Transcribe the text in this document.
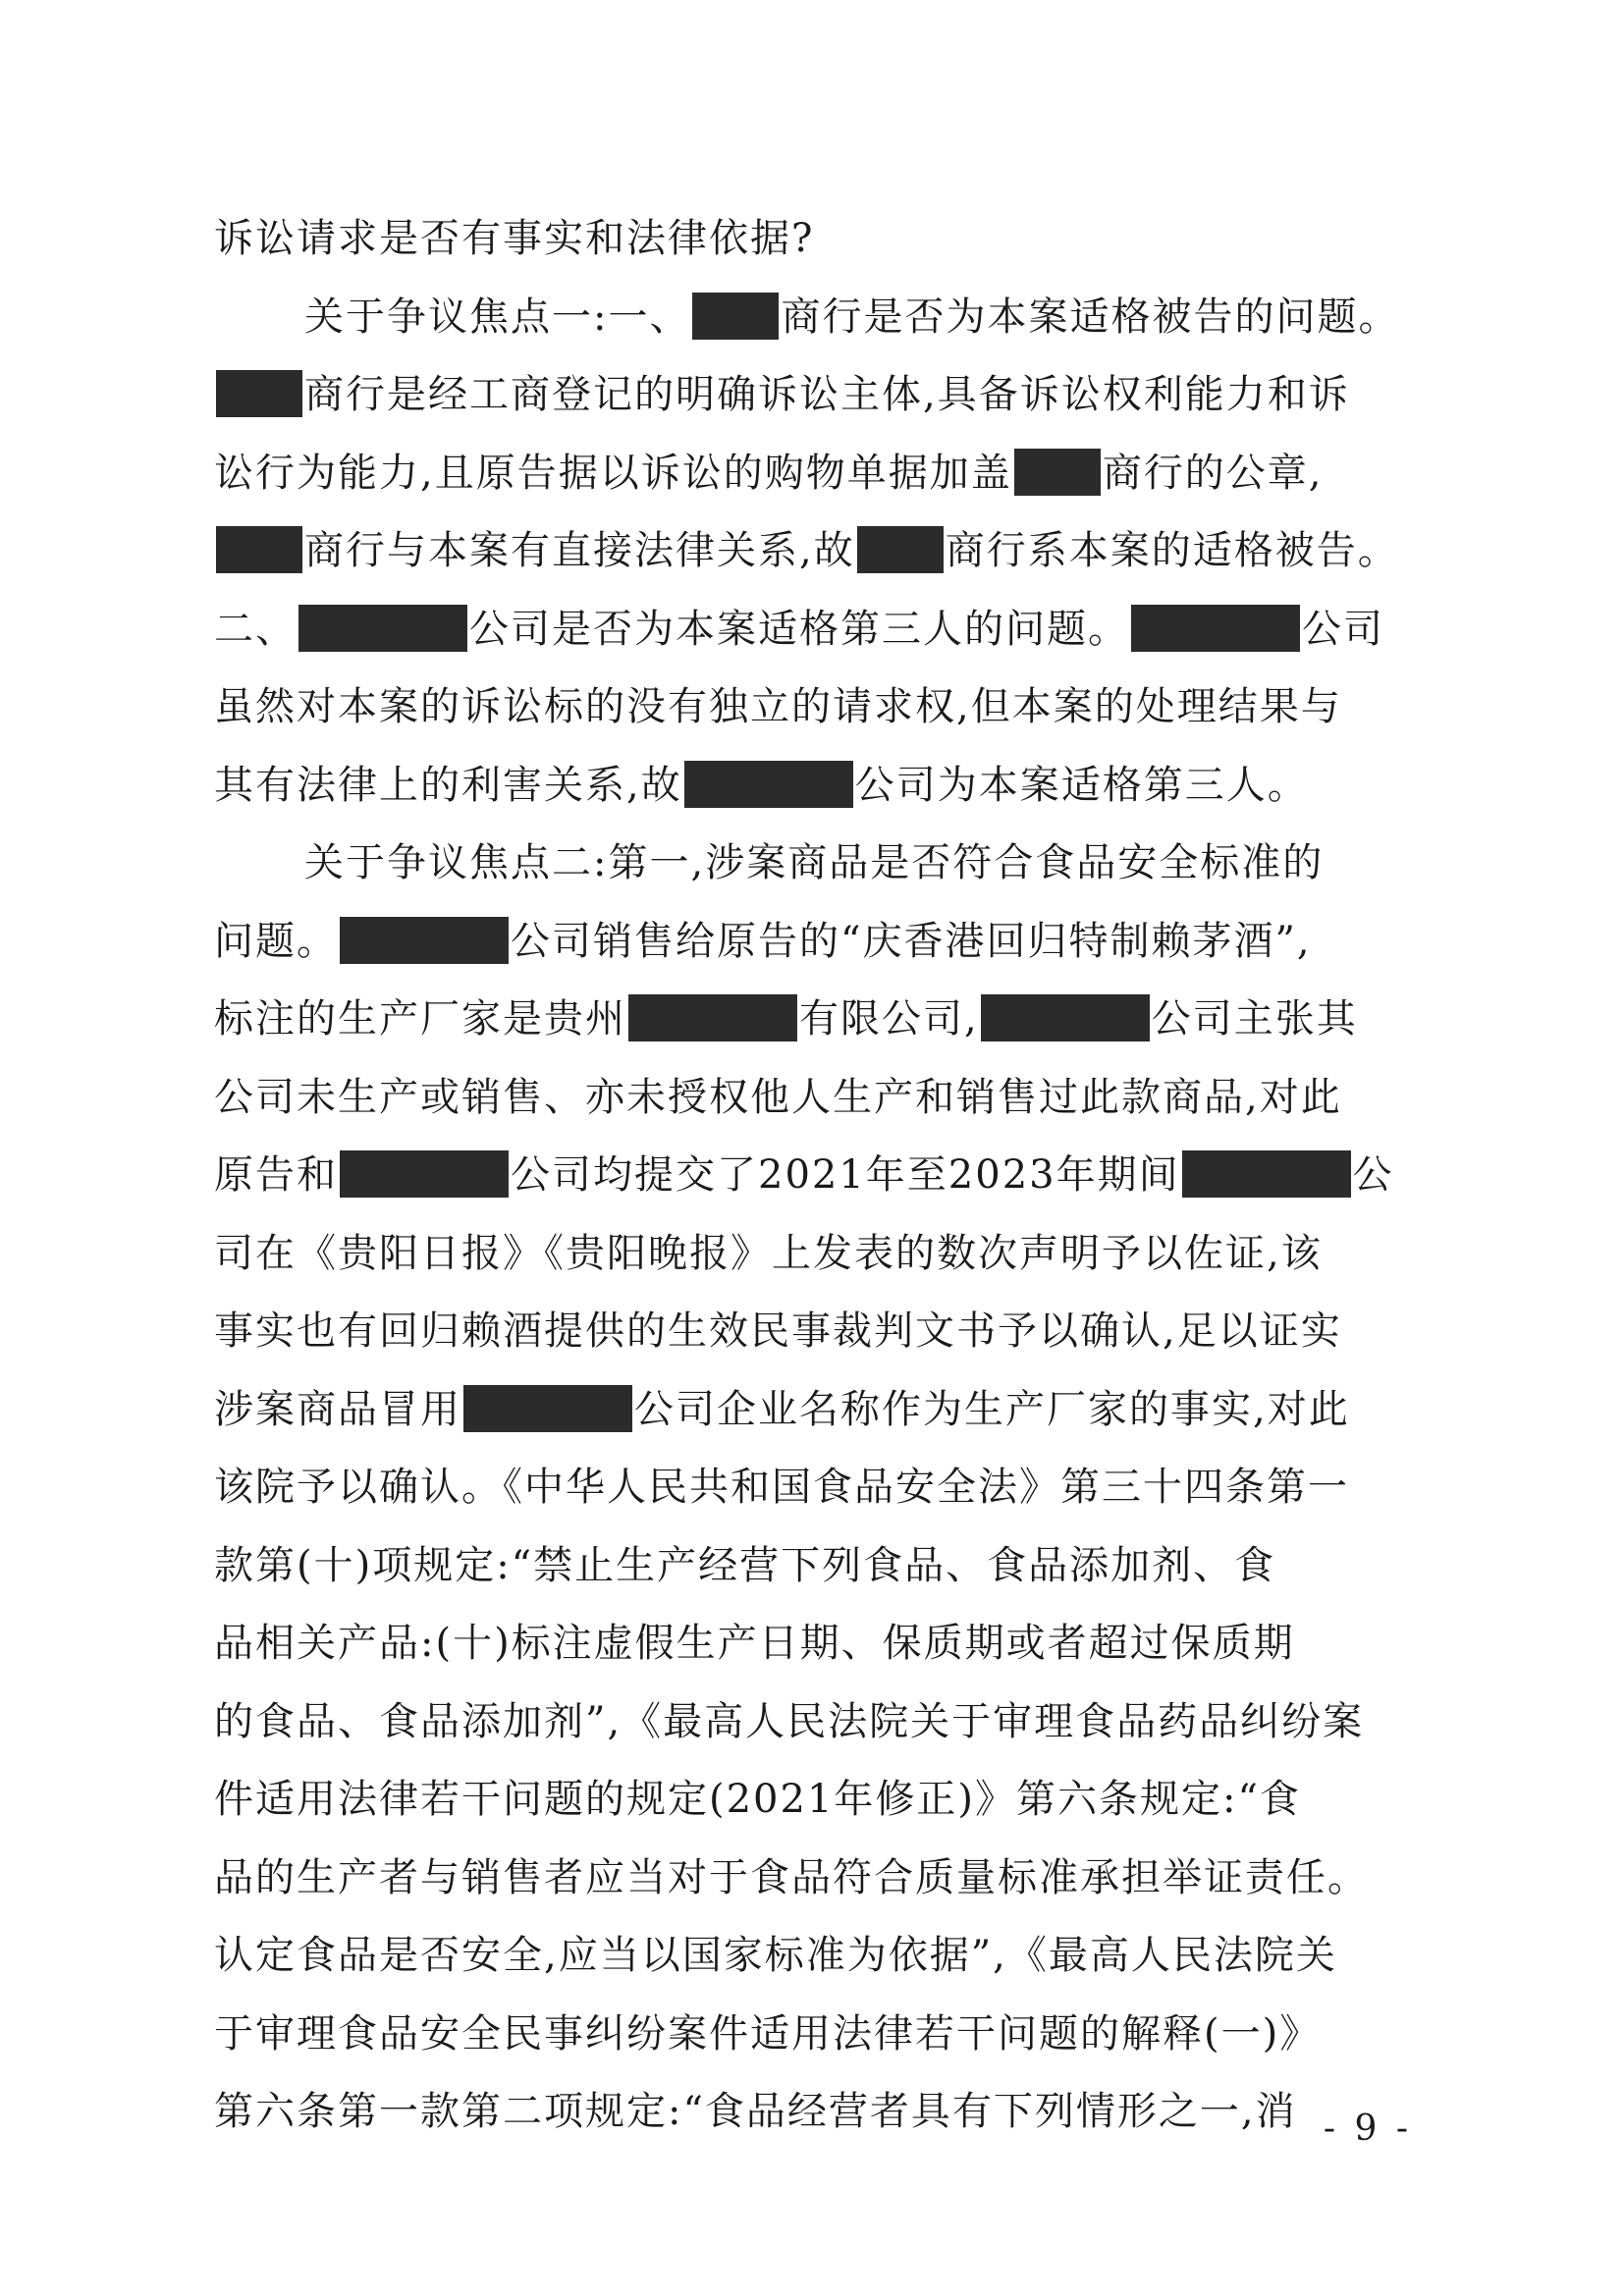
诉讼请求是否有事实和法律依据?
关于争议焦点一:一、 商行是否为本案适格被告的问题。
商行是经工商登记的明确诉讼主体,具备诉讼权利能力和诉
讼行为能力,且原告据以诉讼的购物单据加盖 商行的公章,
商行与本案有直接法律关系,故 商行系本案的适格被告。
二、	公司是否为本案适格第三人的问题。	公司
虽然对本案的诉讼标的没有独立的请求权,但本案的处理结果与
其有法律上的利害关系,故	公司为本案适格第三人。
关于争议焦点二:第一,涉案商品是否符合食品安全标准的
问题。	公司销售给原告的“庆香港回归特制赖茅酒”,
标注的生产厂家是贵州	有限公司,	公司主张其
公司未生产或销售、亦未授权他人生产和销售过此款商品,对此
原告和	公司均提交了2021年至2023年期间	公
司在《贵阳日报》《贵阳晚报》上发表的数次声明予以佐证,该
事实也有回归赖酒提供的生效民事裁判文书予以确认,足以证实
涉案商品冒用	公司企业名称作为生产厂家的事实,对此
该院予以确认。《中华人民共和国食品安全法》第三十四条第一
款第(十)项规定:“禁止生产经营下列食品、食品添加剂、食
品相关产品:(十)标注虚假生产日期、保质期或者超过保质期
的食品、食品添加剂”,《最高人民法院关于审理食品药品纠纷案
件适用法律若干问题的规定(2021年修正)》第六条规定:“食
品的生产者与销售者应当对于食品符合质量标准承担举证责任。
认定食品是否安全,应当以国家标准为依据”,《最高人民法院关
于审理食品安全民事纠纷案件适用法律若干问题的解释(一)》
第六条第一款第二项规定:“食品经营者具有下列情形之一,消 - 9 -
